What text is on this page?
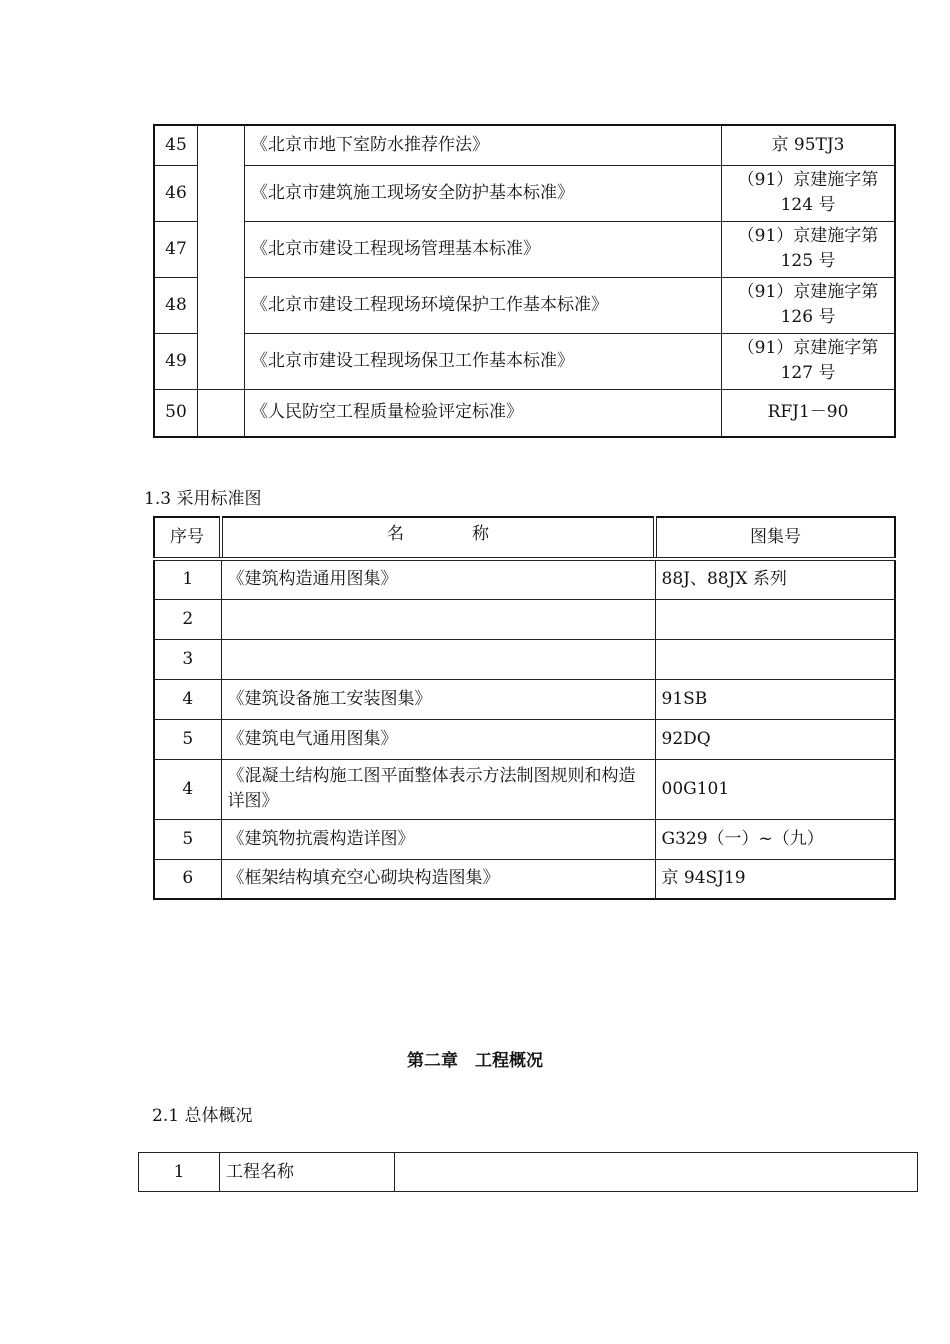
45		《北京市地下室防水推荐作法》	京 95TJ3
46		《北京市建筑施工现场安全防护基本标准》	（91）京建施字第 124 号
47		《北京市建设工程现场管理基本标准》	（91）京建施字第 125 号
48		《北京市建设工程现场环境保护工作基本标准》	（91）京建施字第 126 号
49		《北京市建设工程现场保卫工作基本标准》	（91）京建施字第 127 号
50		《人民防空工程质量检验评定标准》	RFJ1－90
1.3 采用标准图
序号	名　　　　称	图集号
1	《建筑构造通用图集》	88J、88JX 系列
2		
3		
4	《建筑设备施工安装图集》	91SB
5	《建筑电气通用图集》	92DQ
4	《混凝土结构施工图平面整体表示方法制图规则和构造详图》	00G101
5	《建筑物抗震构造详图》	G329（一）~（九）
6	《框架结构填充空心砌块构造图集》	京 94SJ19
第二章　工程概况
2.1 总体概况
1	工程名称	
